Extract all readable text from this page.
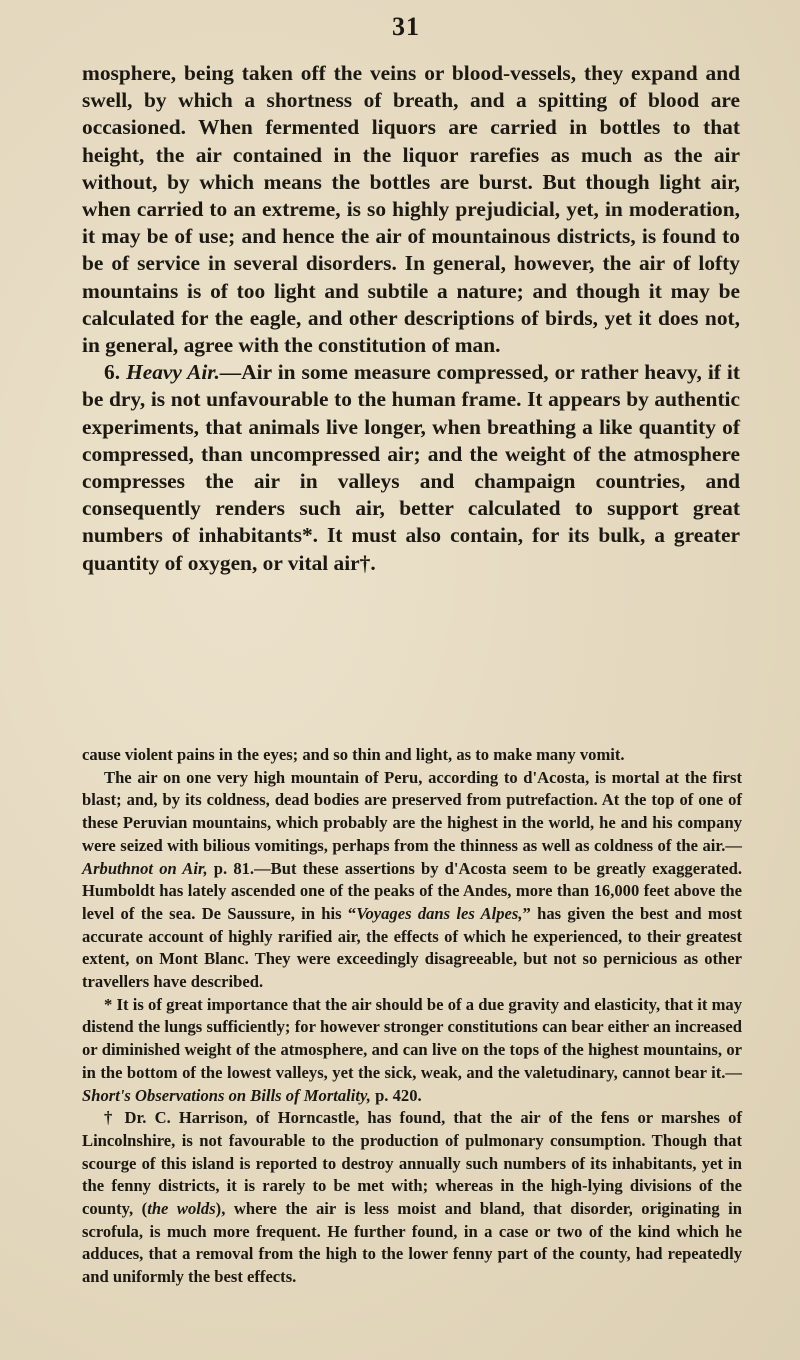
31

mosphere, being taken off the veins or blood-vessels, they expand and swell, by which a shortness of breath, and a spitting of blood are occasioned. When fermented liquors are carried in bottles to that height, the air contained in the liquor rarefies as much as the air without, by which means the bottles are burst. But though light air, when carried to an extreme, is so highly prejudicial, yet, in moderation, it may be of use; and hence the air of mountainous districts, is found to be of service in several disorders. In general, however, the air of lofty mountains is of too light and subtile a nature; and though it may be calculated for the eagle, and other descriptions of birds, yet it does not, in general, agree with the constitution of man.

6. Heavy Air.—Air in some measure compressed, or rather heavy, if it be dry, is not unfavourable to the human frame. It appears by authentic experiments, that animals live longer, when breathing a like quantity of compressed, than uncompressed air; and the weight of the atmosphere compresses the air in valleys and champaign countries, and consequently renders such air, better calculated to support great numbers of inhabitants*. It must also contain, for its bulk, a greater quantity of oxygen, or vital air†.

cause violent pains in the eyes; and so thin and light, as to make many vomit.

The air on one very high mountain of Peru, according to d'Acosta, is mortal at the first blast; and, by its coldness, dead bodies are preserved from putrefaction. At the top of one of these Peruvian mountains, which probably are the highest in the world, he and his company were seized with bilious vomitings, perhaps from the thinness as well as coldness of the air.—Arbuthnot on Air, p. 81.—But these assertions by d'Acosta seem to be greatly exaggerated. Humboldt has lately ascended one of the peaks of the Andes, more than 16,000 feet above the level of the sea. De Saussure, in his “Voyages dans les Alpes,” has given the best and most accurate account of highly rarified air, the effects of which he experienced, to their greatest extent, on Mont Blanc. They were exceedingly disagreeable, but not so pernicious as other travellers have described.

* It is of great importance that the air should be of a due gravity and elasticity, that it may distend the lungs sufficiently; for however stronger constitutions can bear either an increased or diminished weight of the atmosphere, and can live on the tops of the highest mountains, or in the bottom of the lowest valleys, yet the sick, weak, and the valetudinary, cannot bear it.—Short's Observations on Bills of Mortality, p. 420.

† Dr. C. Harrison, of Horncastle, has found, that the air of the fens or marshes of Lincolnshire, is not favourable to the production of pulmonary consumption. Though that scourge of this island is reported to destroy annually such numbers of its inhabitants, yet in the fenny districts, it is rarely to be met with; whereas in the high-lying divisions of the county, (the wolds), where the air is less moist and bland, that disorder, originating in scrofula, is much more frequent. He further found, in a case or two of the kind which he adduces, that a removal from the high to the lower fenny part of the county, had repeatedly and uniformly the best effects.
